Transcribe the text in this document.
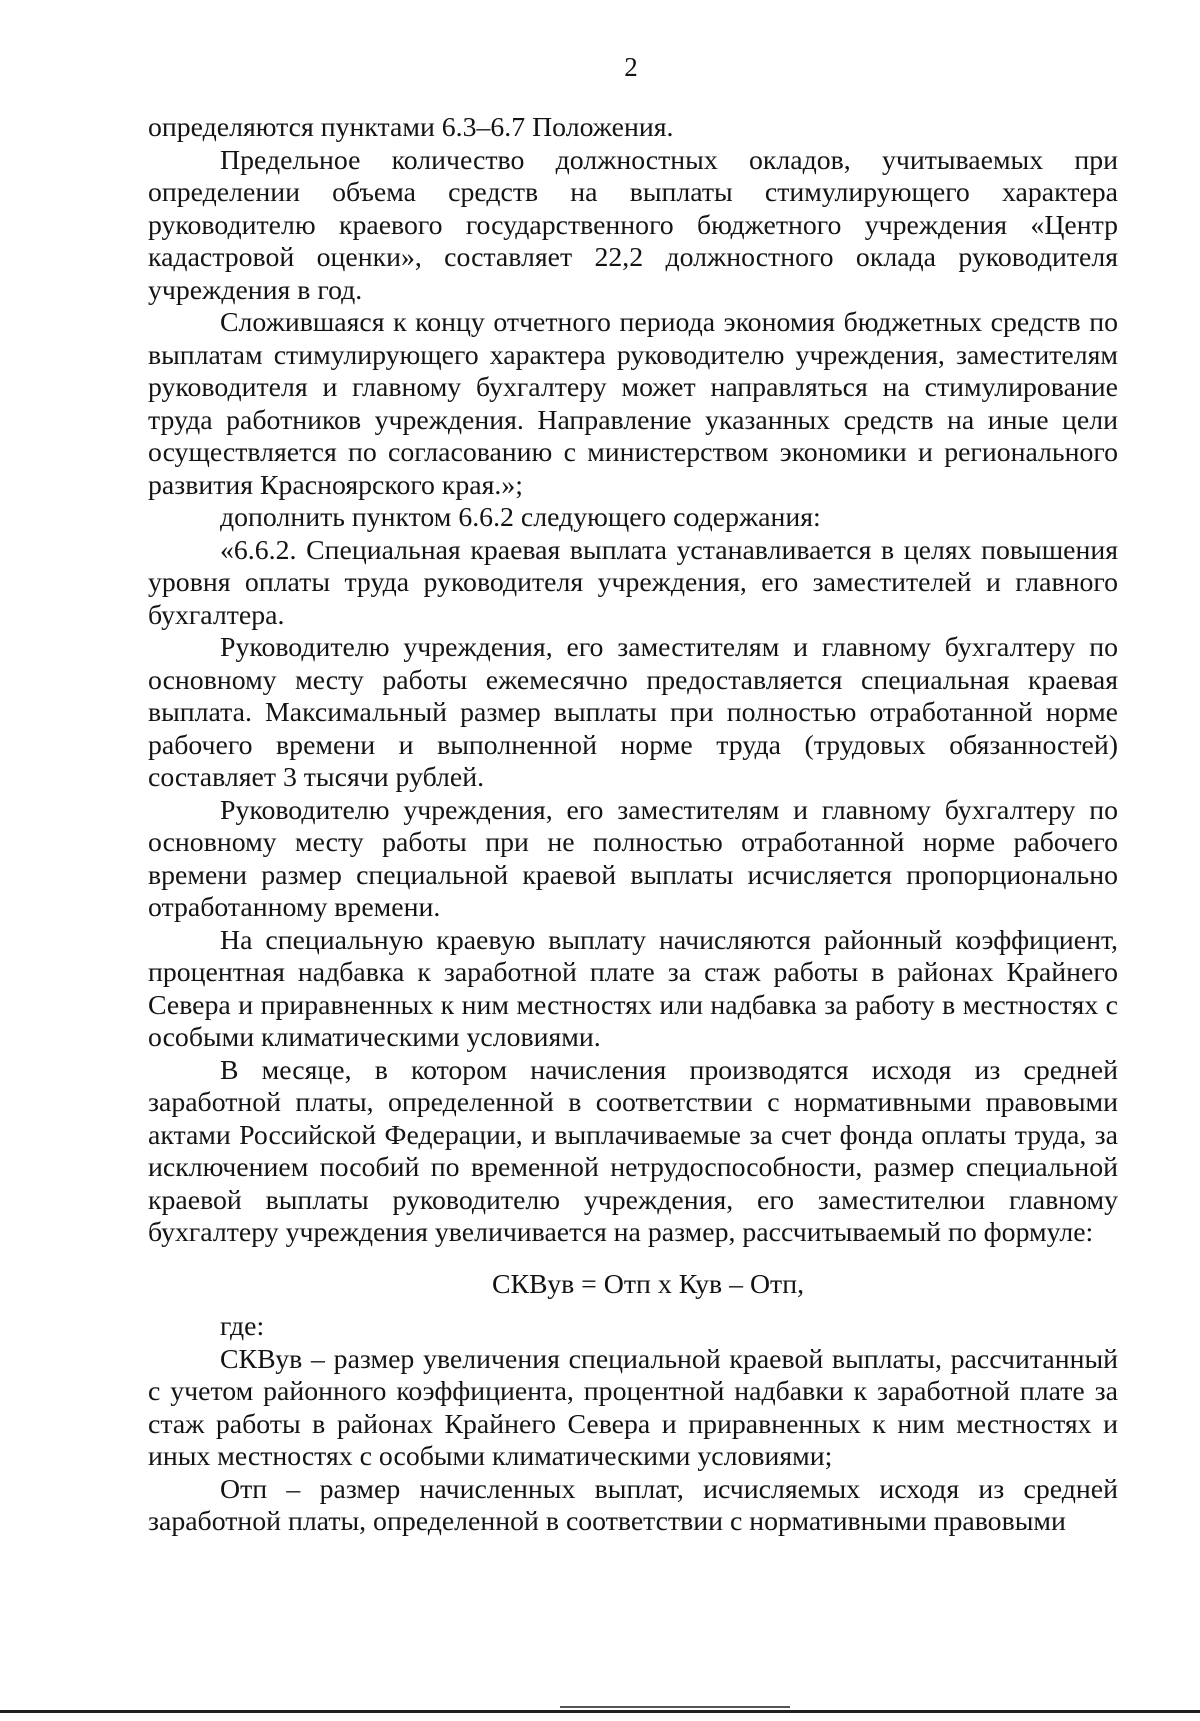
2

определяются пунктами 6.3–6.7 Положения.

Предельное количество должностных окладов, учитываемых при определении объема средств на выплаты стимулирующего характера руководителю краевого государственного бюджетного учреждения «Центр кадастровой оценки», составляет 22,2 должностного оклада руководителя учреждения в год.

Сложившаяся к концу отчетного периода экономия бюджетных средств по выплатам стимулирующего характера руководителю учреждения, заместителям руководителя и главному бухгалтеру может направляться на стимулирование труда работников учреждения. Направление указанных средств на иные цели осуществляется по согласованию с министерством экономики и регионального развития Красноярского края.»;

дополнить пунктом 6.6.2 следующего содержания:

«6.6.2. Специальная краевая выплата устанавливается в целях повышения уровня оплаты труда руководителя учреждения, его заместителей и главного бухгалтера.

Руководителю учреждения, его заместителям и главному бухгалтеру по основному месту работы ежемесячно предоставляется специальная краевая выплата. Максимальный размер выплаты при полностью отработанной норме рабочего времени и выполненной норме труда (трудовых обязанностей) составляет 3 тысячи рублей.

Руководителю учреждения, его заместителям и главному бухгалтеру по основному месту работы при не полностью отработанной норме рабочего времени размер специальной краевой выплаты исчисляется пропорционально отработанному времени.

На специальную краевую выплату начисляются районный коэффициент, процентная надбавка к заработной плате за стаж работы в районах Крайнего Севера и приравненных к ним местностях или надбавка за работу в местностях с особыми климатическими условиями.

В месяце, в котором начисления производятся исходя из средней заработной платы, определенной в соответствии с нормативными правовыми актами Российской Федерации, и выплачиваемые за счет фонда оплаты труда, за исключением пособий по временной нетрудоспособности, размер специальной краевой выплаты руководителю учреждения, его заместителюи главному бухгалтеру учреждения увеличивается на размер, рассчитываемый по формуле:

СКВув = Отп х Кув – Отп,

где:

СКВув – размер увеличения специальной краевой выплаты, рассчитанный с учетом районного коэффициента, процентной надбавки к заработной плате за стаж работы в районах Крайнего Севера и приравненных к ним местностях и иных местностях с особыми климатическими условиями;

Отп – размер начисленных выплат, исчисляемых исходя из средней заработной платы, определенной в соответствии с нормативными правовыми
